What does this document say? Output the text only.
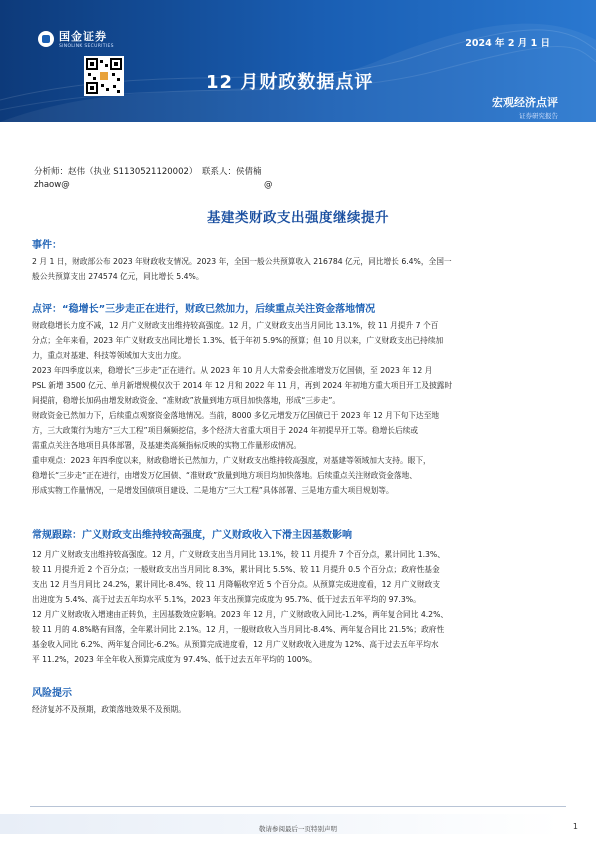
国金证券
SINOLINK SECURITIES	2024 年 2 月 1 日
12 月财政数据点评
宏观经济点评
证券研究报告
分析师：赵伟（执业 S1130521120002） 联系人：侯倩楠
zhaow@	@
基建类财政支出强度继续提升
事件：

2 月 1 日，财政部公布 2023 年财政收支情况。2023 年，全国一般公共预算收入 216784 亿元，同比增长 6.4%，全国一
般公共预算支出 274574 亿元，同比增长 5.4%。

点评：“稳增长”三步走正在进行，财政已然加力，后续重点关注资金落地情况

财政稳增长力度不减，12 月广义财政支出维持较高强度。12 月，广义财政支出当月同比 13.1%，较 11 月提升 7 个百
分点；全年来看，2023 年广义财政支出同比增长 1.3%、低于年初 5.9%的预算；但 10 月以来，广义财政支出已持续加
力，重点对基建、科技等领域加大支出力度。

2023 年四季度以来，稳增长“三步走”正在进行。从 2023 年 10 月人大常委会批准增发万亿国债，至 2023 年 12 月
PSL 新增 3500 亿元、单月新增规模仅次于 2014 年 12 月和 2022 年 11 月，再到 2024 年初地方重大项目开工及披露时
间提前，稳增长加码由增发财政资金、“准财政”放量到地方项目加快落地，形成“三步走”。

财政资金已然加力下，后续重点观察资金落地情况。当前，8000 多亿元增发万亿国债已于 2023 年 12 月下旬下达至地
方，三大政策行为地方“三大工程”项目频频挖信，多个经济大省重大项目于 2024 年初提早开工等。稳增长后续或
需重点关注各地项目具体部署，及基建类高频指标反映的实物工作量形成情况。

重申观点：2023 年四季度以来，财政稳增长已然加力，广义财政支出维持较高强度，对基建等领域加大支持。眼下，
稳增长“三步走”正在进行，由增发万亿国债、“准财政”放量到地方项目均加快落地。后续重点关注财政资金落地、
形成实物工作量情况，一是增发国债项目建设、二是地方“三大工程”具体部署、三是地方重大项目规划等。

常规跟踪：广义财政支出维持较高强度，广义财政收入下滑主因基数影响

12 月广义财政支出维持较高强度。12 月，广义财政支出当月同比 13.1%，较 11 月提升 7 个百分点，累计同比 1.3%、
较 11 月提升近 2 个百分点；一般财政支出当月同比 8.3%，累计同比 5.5%、较 11 月提升 0.5 个百分点；政府性基金
支出 12 月当月同比 24.2%，累计同比-8.4%、较 11 月降幅收窄近 5 个百分点。从预算完成进度看，12 月广义财政支
出进度为 5.4%、高于过去五年均水平 5.1%，2023 年支出预算完成度为 95.7%、低于过去五年平均的 97.3%。

12 月广义财政收入增速由正转负，主因基数效应影响。2023 年 12 月，广义财政收入同比-1.2%，两年复合同比 4.2%、
较 11 月的 4.8%略有回落，全年累计同比 2.1%。12 月，一般财政收入当月同比-8.4%、两年复合同比 21.5%；政府性
基金收入同比 6.2%、两年复合同比-6.2%。从预算完成进度看，12 月广义财政收入进度为 12%、高于过去五年平均水
平 11.2%，2023 年全年收入预算完成度为 97.4%、低于过去五年平均的 100%。

风险提示

经济复苏不及预期，政策落地效果不及预期。

敬请参阅最后一页特别声明	1
